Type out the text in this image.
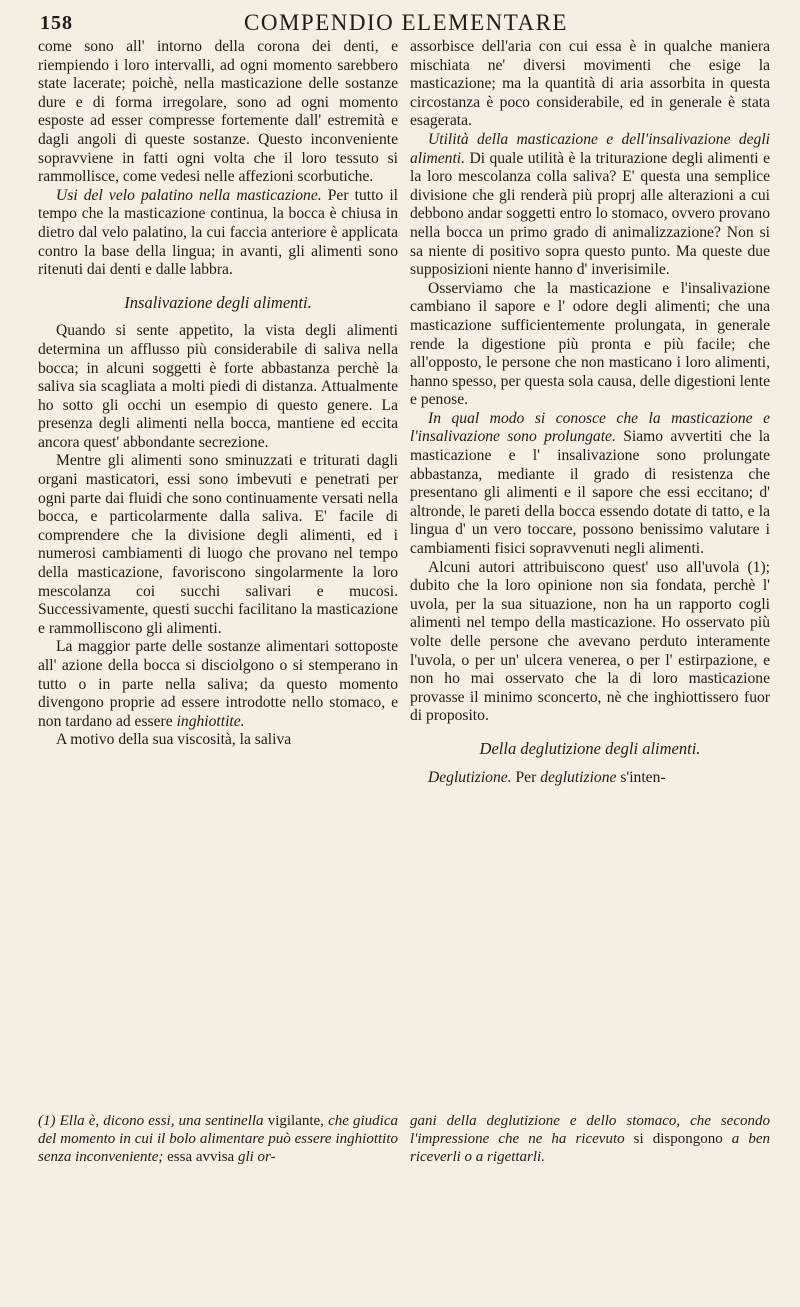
158	COMPENDIO ELEMENTARE

come sono all' intorno della corona dei denti, e riempiendo i loro intervalli, ad ogni momento sarebbero state lacerate; poichè, nella masticazione delle sostanze dure e di forma irregolare, sono ad ogni momento esposte ad esser compresse fortemente dall' estremità e dagli angoli di queste sostanze. Questo inconveniente sopravviene in fatti ogni volta che il loro tessuto si rammollisce, come vedesi nelle affezioni scorbutiche.

Usi del velo palatino nella masticazione. Per tutto il tempo che la masticazione continua, la bocca è chiusa in dietro dal velo palatino, la cui faccia anteriore è applicata contro la base della lingua; in avanti, gli alimenti sono ritenuti dai denti e dalle labbra.

Insalivazione degli alimenti.

Quando si sente appetito, la vista degli alimenti determina un afflusso più considerabile di saliva nella bocca; in alcuni soggetti è forte abbastanza perchè la saliva sia scagliata a molti piedi di distanza. Attualmente ho sotto gli occhi un esempio di questo genere. La presenza degli alimenti nella bocca, mantiene ed eccita ancora quest' abbondante secrezione.

Mentre gli alimenti sono sminuzzati e triturati dagli organi masticatori, essi sono imbevuti e penetrati per ogni parte dai fluidi che sono continuamente versati nella bocca, e particolarmente dalla saliva. E' facile di comprendere che la divisione degli alimenti, ed i numerosi cambiamenti di luogo che provano nel tempo della masticazione, favoriscono singolarmente la loro mescolanza coi succhi salivari e mucosi. Successivamente, questi succhi facilitano la masticazione e rammolliscono gli alimenti.

La maggior parte delle sostanze alimentari sottoposte all' azione della bocca si disciolgono o si stemperano in tutto o in parte nella saliva; da questo momento divengono proprie ad essere introdotte nello stomaco, e non tardano ad essere inghiottite.

A motivo della sua viscosità, la saliva

assorbisce dell'aria con cui essa è in qualche maniera mischiata ne' diversi movimenti che esige la masticazione; ma la quantità di aria assorbita in questa circostanza è poco considerabile, ed in generale è stata esagerata.

Utilità della masticazione e dell'insalivazione degli alimenti. Di quale utilità è la triturazione degli alimenti e la loro mescolanza colla saliva? E' questa una semplice divisione che gli renderà più proprj alle alterazioni a cui debbono andar soggetti entro lo stomaco, ovvero provano nella bocca un primo grado di animalizzazione? Non si sa niente di positivo sopra questo punto. Ma queste due supposizioni niente hanno d' inverisimile.

Osserviamo che la masticazione e l'insalivazione cambiano il sapore e l' odore degli alimenti; che una masticazione sufficientemente prolungata, in generale rende la digestione più pronta e più facile; che all'opposto, le persone che non masticano i loro alimenti, hanno spesso, per questa sola causa, delle digestioni lente e penose.

In qual modo si conosce che la masticazione e l'insalivazione sono prolungate. Siamo avvertiti che la masticazione e l' insalivazione sono prolungate abbastanza, mediante il grado di resistenza che presentano gli alimenti e il sapore che essi eccitano; d' altronde, le pareti della bocca essendo dotate di tatto, e la lingua d' un vero toccare, possono benissimo valutare i cambiamenti fisici sopravvenuti negli alimenti.

Alcuni autori attribuiscono quest' uso all'uvola (1); dubito che la loro opinione non sia fondata, perchè l' uvola, per la sua situazione, non ha un rapporto cogli alimenti nel tempo della masticazione. Ho osservato più volte delle persone che avevano perduto interamente l'uvola, o per un' ulcera venerea, o per l' estirpazione, e non ho mai osservato che la di loro masticazione provasse il minimo sconcerto, nè che inghiottissero fuor di proposito.

Della deglutizione degli alimenti.

Deglutizione. Per deglutizione s'inten-

(1) Ella è, dicono essi, una sentinella vigilante, che giudica del momento in cui il bolo alimentare può essere inghiottito senza inconveniente; essa avvisa gli or-
gani della deglutizione e dello stomaco, che secondo l'impressione che ne ha ricevuto si dispongono a ben riceverli o a rigettarli.
